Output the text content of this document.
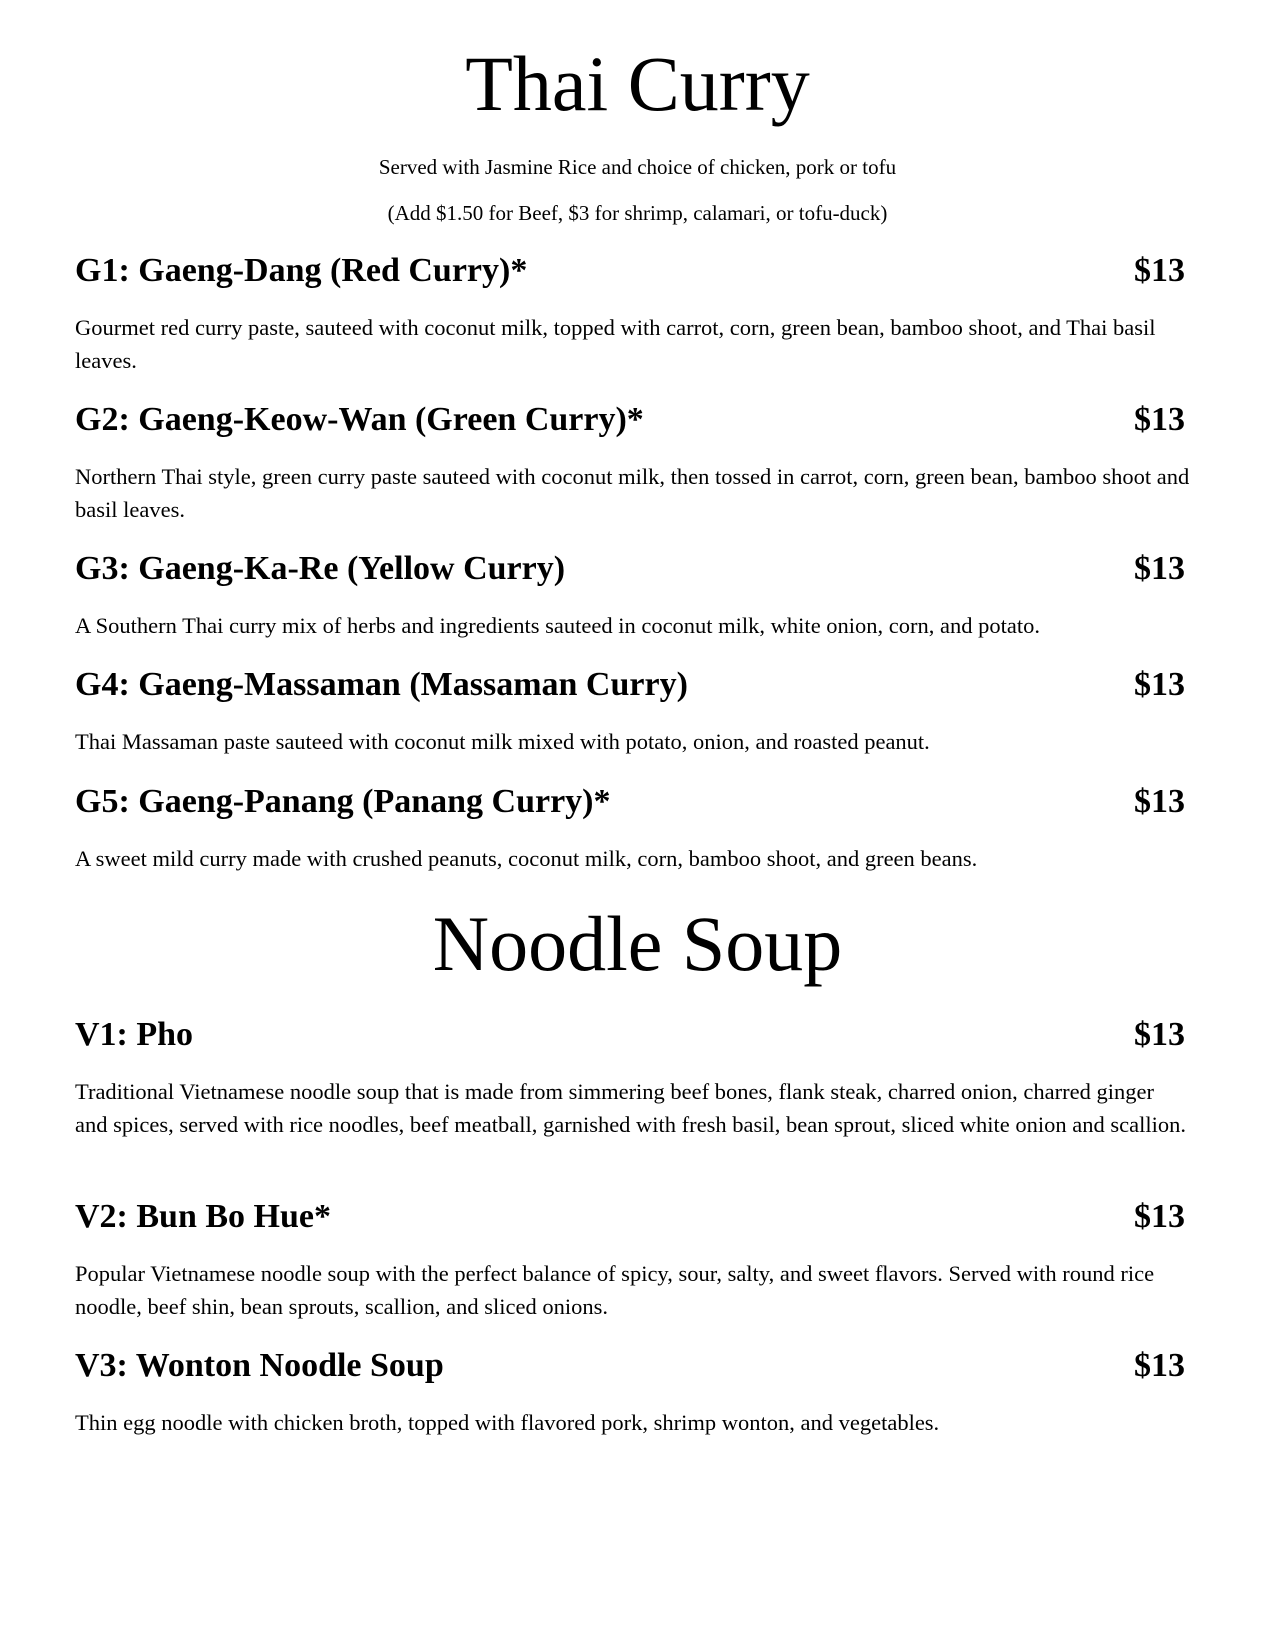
Thai Curry

Served with Jasmine Rice and choice of chicken, pork or tofu

(Add $1.50 for Beef, $3 for shrimp, calamari, or tofu-duck)

G1: Gaeng-Dang (Red Curry)*	$13

Gourmet red curry paste, sauteed with coconut milk, topped with carrot, corn, green bean, bamboo shoot, and Thai basil leaves.

G2: Gaeng-Keow-Wan (Green Curry)*	$13

Northern Thai style, green curry paste sauteed with coconut milk, then tossed in carrot, corn, green bean, bamboo shoot and basil leaves.

G3: Gaeng-Ka-Re (Yellow Curry)	$13

A Southern Thai curry mix of herbs and ingredients sauteed in coconut milk, white onion, corn, and potato.

G4: Gaeng-Massaman (Massaman Curry)	$13

Thai Massaman paste sauteed with coconut milk mixed with potato, onion, and roasted peanut.

G5: Gaeng-Panang (Panang Curry)*	$13

A sweet mild curry made with crushed peanuts, coconut milk, corn, bamboo shoot, and green beans.

Noodle Soup
V1: Pho	$13

Traditional Vietnamese noodle soup that is made from simmering beef bones, flank steak, charred onion, charred ginger and spices, served with rice noodles, beef meatball, garnished with fresh basil, bean sprout, sliced white onion and scallion.

V2: Bun Bo Hue*	$13

Popular Vietnamese noodle soup with the perfect balance of spicy, sour, salty, and sweet flavors. Served with round rice noodle, beef shin, bean sprouts, scallion, and sliced onions.

V3: Wonton Noodle Soup	$13

Thin egg noodle with chicken broth, topped with flavored pork, shrimp wonton, and vegetables.
